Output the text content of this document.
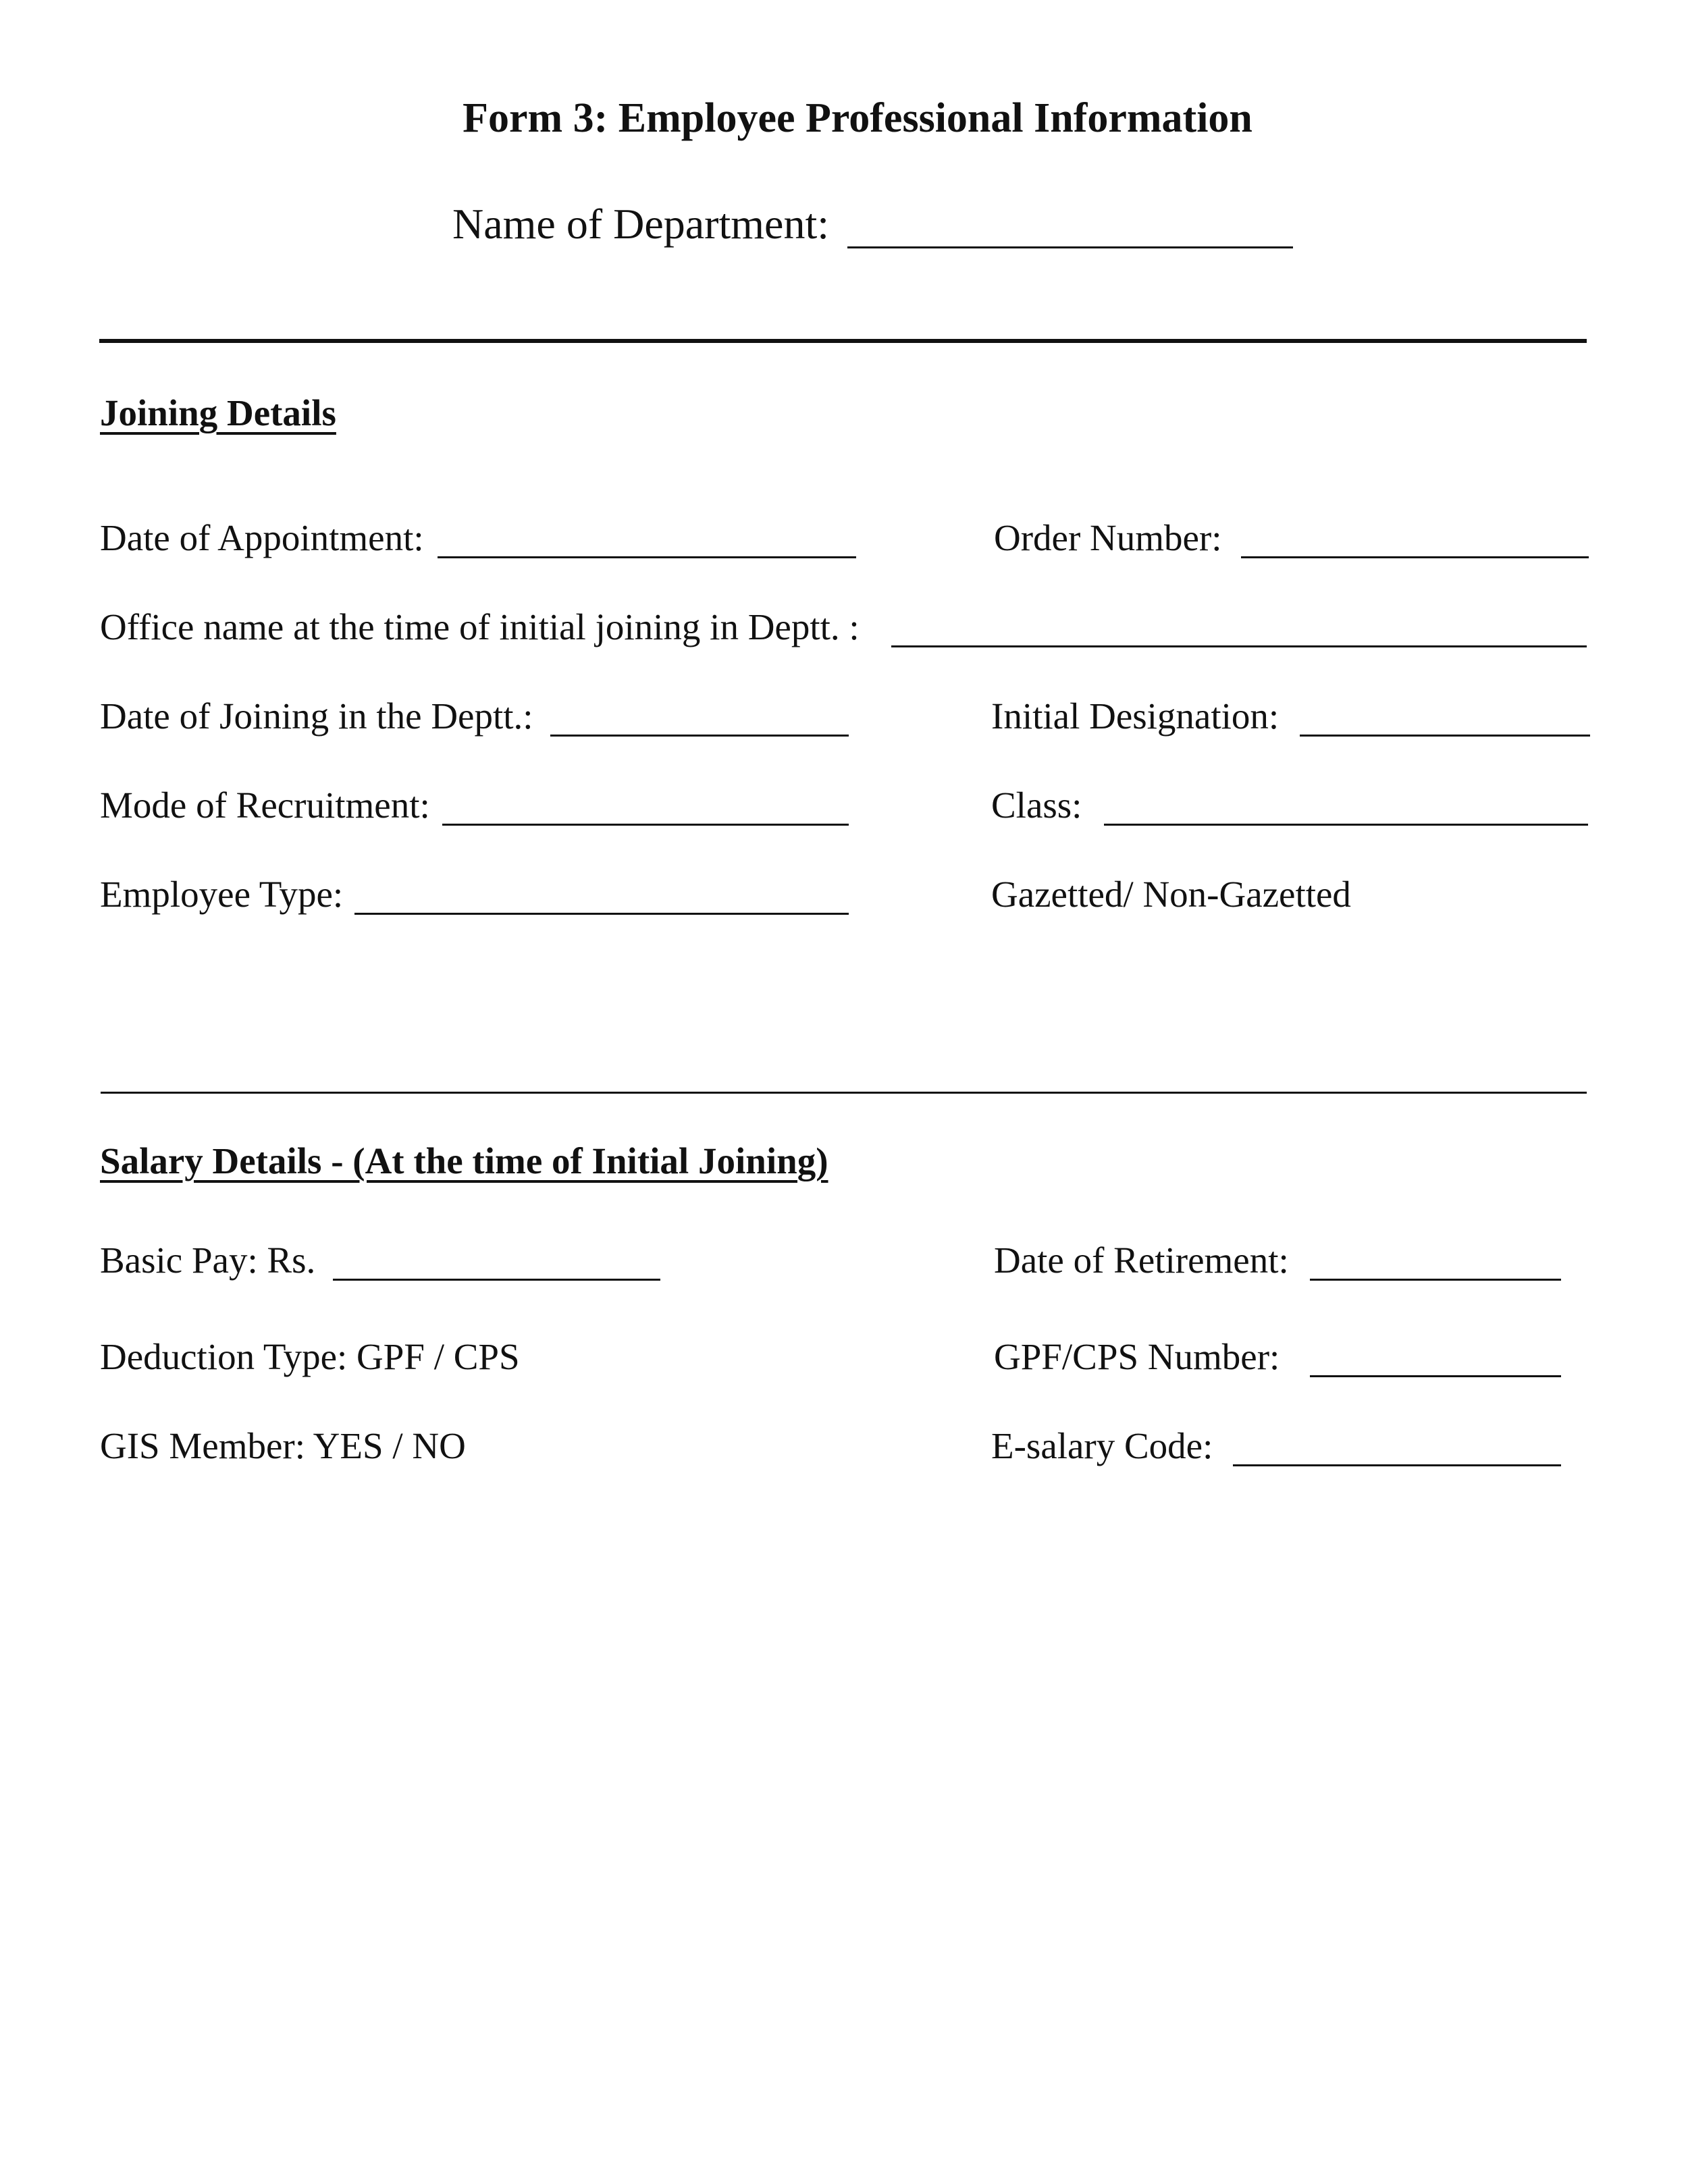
Form 3: Employee Professional Information
Name of Department:
Joining Details
Date of Appointment:	Order Number:
Office name at the time of initial joining in Deptt. :
Date of Joining in the Deptt.:	Initial Designation:
Mode of Recruitment:	Class:
Employee Type:	Gazetted/ Non-Gazetted
Salary Details - (At the time of Initial Joining)
Basic Pay: Rs.	Date of Retirement:
Deduction Type: GPF / CPS	GPF/CPS Number:
GIS Member: YES / NO	E-salary Code:
